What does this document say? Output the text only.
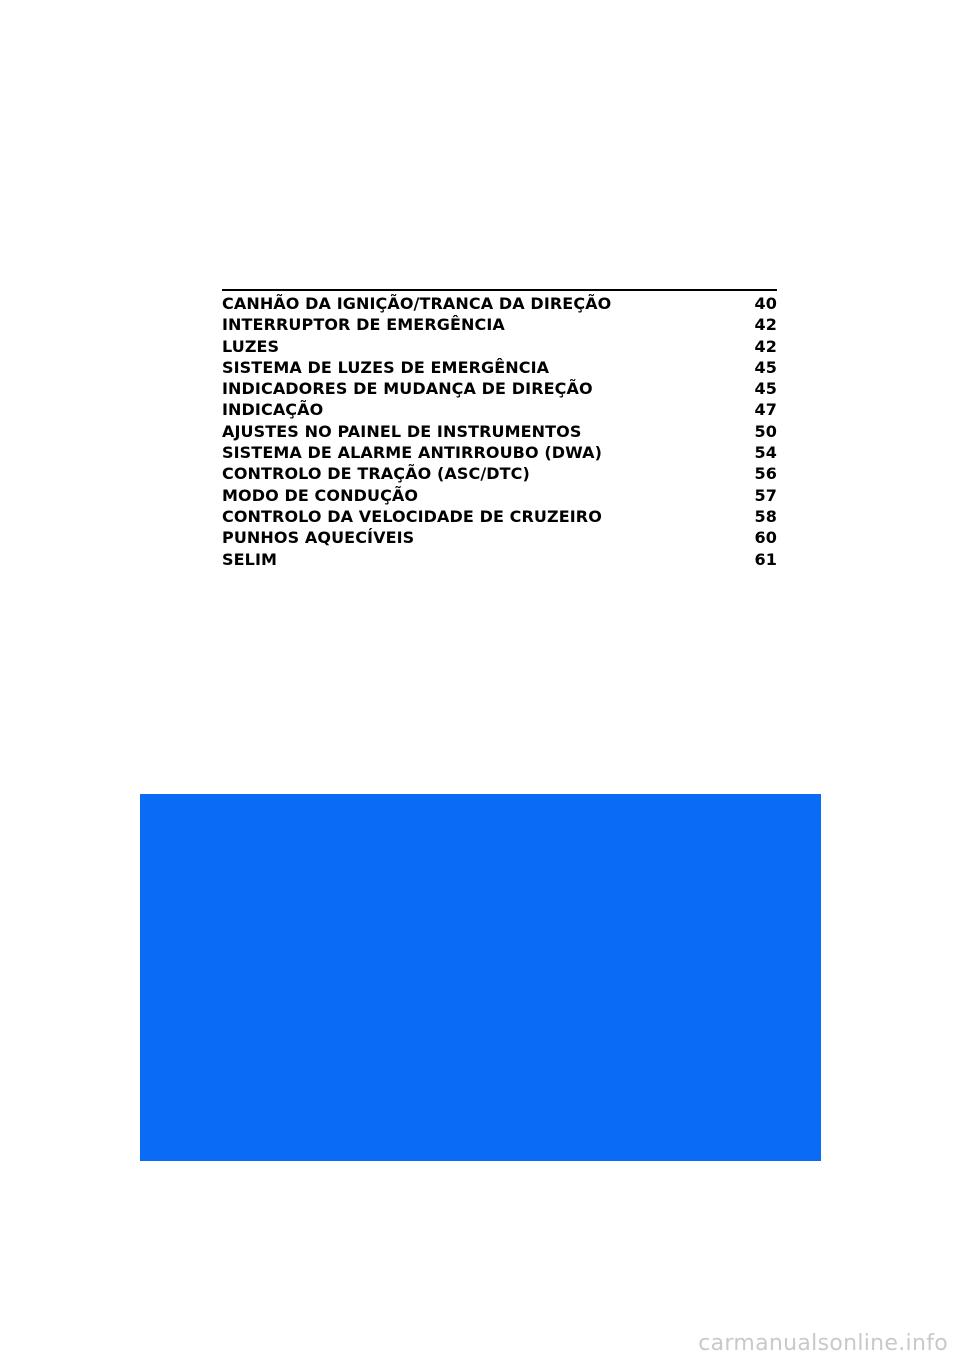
CANHÃO DA IGNIÇÃO/TRANCA DA DIREÇÃO	40
INTERRUPTOR DE EMERGÊNCIA	42
LUZES	42
SISTEMA DE LUZES DE EMERGÊNCIA	45
INDICADORES DE MUDANÇA DE DIREÇÃO	45
INDICAÇÃO	47
AJUSTES NO PAINEL DE INSTRUMENTOS	50
SISTEMA DE ALARME ANTIRROUBO (DWA)	54
CONTROLO DE TRAÇÃO (ASC/DTC)	56
MODO DE CONDUÇÃO	57
CONTROLO DA VELOCIDADE DE CRUZEIRO	58
PUNHOS AQUECÍVEIS	60
SELIM	61
carmanualsonline.info
